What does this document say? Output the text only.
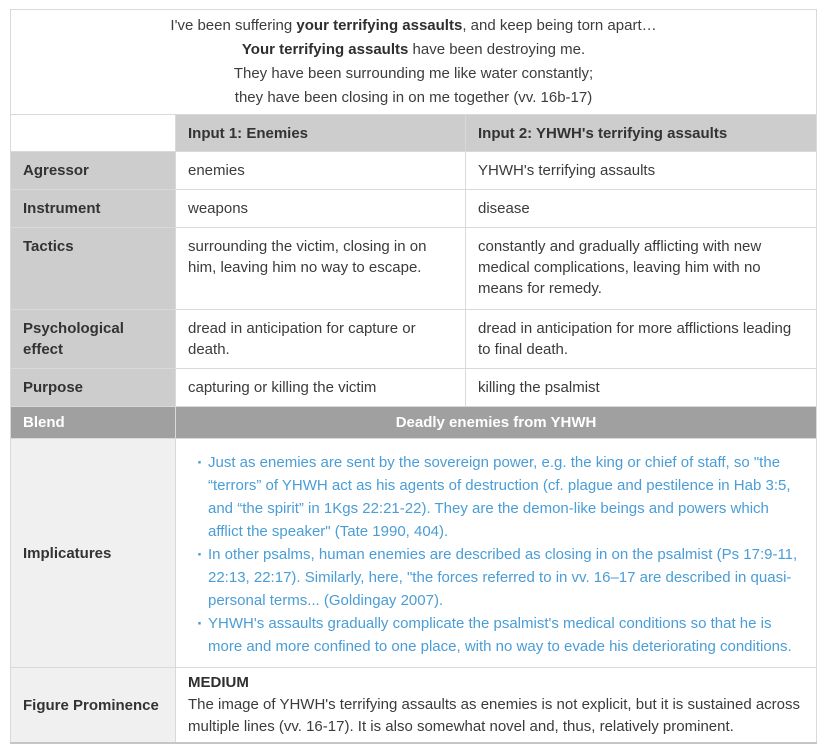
I've been suffering your terrifying assaults, and keep being torn apart…
Your terrifying assaults have been destroying me.
They have been surrounding me like water constantly;
they have been closing in on me together (vv. 16b-17)		

	Input 1: Enemies	Input 2: YHWH's terrifying assaults
Agressor	enemies	YHWH's terrifying assaults
Instrument	weapons	disease
Tactics	surrounding the victim, closing in on him, leaving him no way to escape.	constantly and gradually afflicting with new medical complications, leaving him with no means for remedy.
Psychological effect	dread in anticipation for capture or death.	dread in anticipation for more afflictions leading to final death.
Purpose	capturing or killing the victim	killing the psalmist
Blend	Deadly enemies from YHWH	
Implicatures	
· Just as enemies are sent by the sovereign power, e.g. the king or chief of staff, so "the “terrors” of YHWH act as his agents of destruction (cf. plague and pestilence in Hab 3:5, and “the spirit” in 1Kgs 22:21-22). They are the demon-like beings and powers which afflict the speaker" (Tate 1990, 404).
· In other psalms, human enemies are described as closing in on the psalmist (Ps 17:9-11, 22:13, 22:17). Similarly, here, "the forces referred to in vv. 16–17 are described in quasi-personal terms... (Goldingay 2007).
· YHWH's assaults gradually complicate the psalmist's medical conditions so that he is more and more confined to one place, with no way to evade his deteriorating conditions.

Figure Prominence	MEDIUM
The image of YHWH's terrifying assaults as enemies is not explicit, but it is sustained across multiple lines (vv. 16-17). It is also somewhat novel and, thus, relatively prominent.	
